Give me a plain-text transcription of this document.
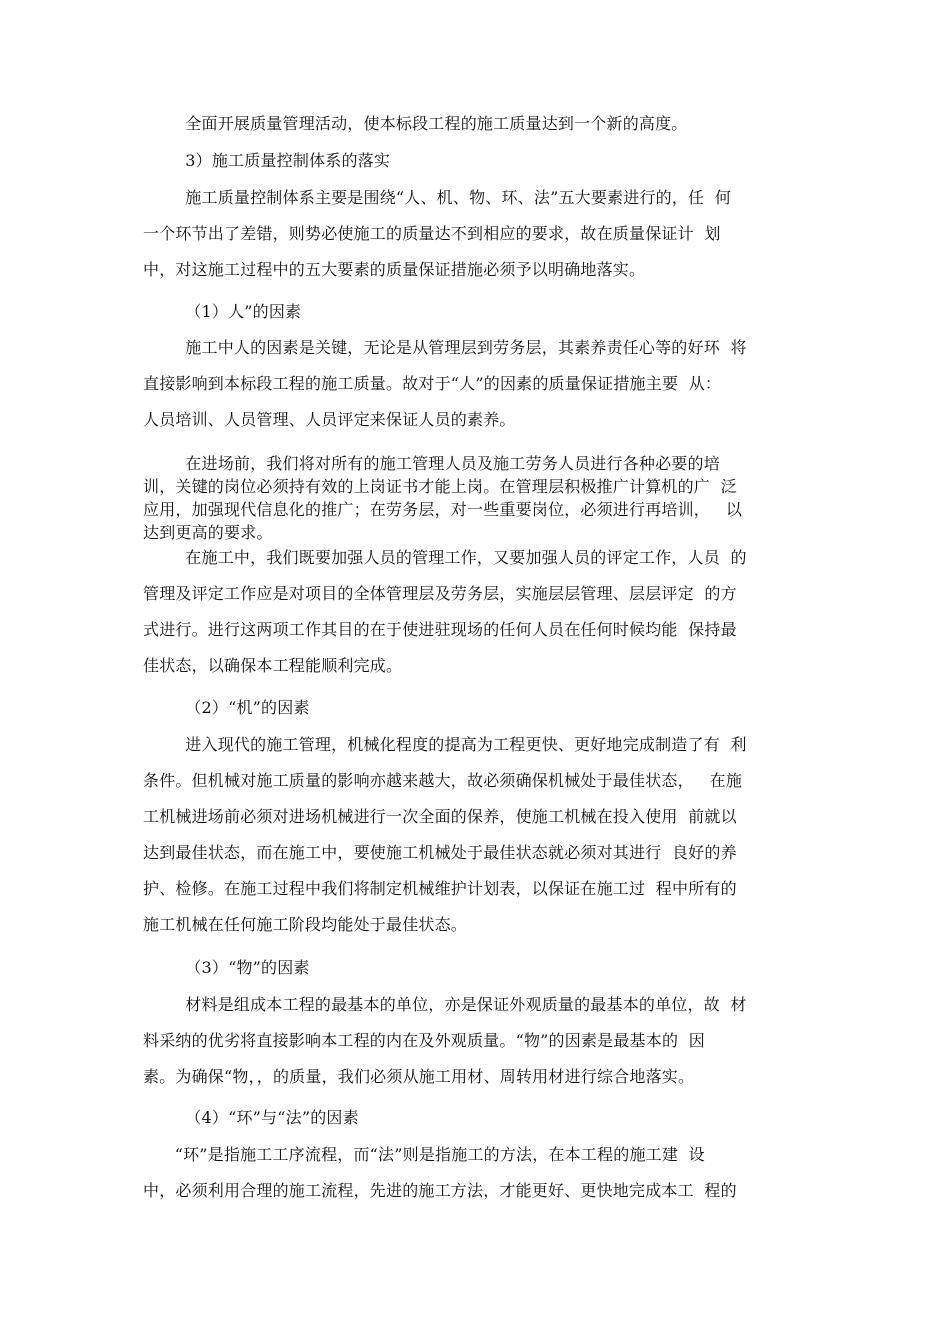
全面开展质量管理活动，使本标段工程的施工质量达到一个新的高度。

3）施工质量控制体系的落实

施工质量控制体系主要是围绕“人、机、物、环、法”五大要素进行的，任  何
一个环节出了差错，则势必使施工的质量达不到相应的要求，故在质量保证计  划
中，对这施工过程中的五大要素的质量保证措施必须予以明确地落实。

（1）人”的因素

施工中人的因素是关键，无论是从管理层到劳务层，其素养责任心等的好环  将
直接影响到本标段工程的施工质量。故对于“人”的因素的质量保证措施主要  从：
人员培训、人员管理、人员评定来保证人员的素养。

在进场前，我们将对所有的施工管理人员及施工劳务人员进行各种必要的培
训，关键的岗位必须持有效的上岗证书才能上岗。在管理层积极推广计算机的广  泛
应用，加强现代信息化的推广；在劳务层，对一些重要岗位，必须进行再培训，   以
达到更高的要求。

在施工中，我们既要加强人员的管理工作，又要加强人员的评定工作，人员  的
管理及评定工作应是对项目的全体管理层及劳务层，实施层层管理、层层评定  的方
式进行。进行这两项工作其目的在于使进驻现场的任何人员在任何时候均能  保持最
佳状态，以确保本工程能顺利完成。

（2）“机”的因素

进入现代的施工管理，机械化程度的提高为工程更快、更好地完成制造了有  利
条件。但机械对施工质量的影响亦越来越大，故必须确保机械处于最佳状态，   在施
工机械进场前必须对进场机械进行一次全面的保养，使施工机械在投入使用  前就以
达到最佳状态，而在施工中，要使施工机械处于最佳状态就必须对其进行  良好的养
护、检修。在施工过程中我们将制定机械维护计划表，以保证在施工过  程中所有的
施工机械在任何施工阶段均能处于最佳状态。

（3）“物”的因素

材料是组成本工程的最基本的单位，亦是保证外观质量的最基本的单位，故  材
料采纳的优劣将直接影响本工程的内在及外观质量。“物”的因素是最基本的  因
素。为确保“物，，的质量，我们必须从施工用材、周转用材进行综合地落实。

（4）“环”与“法”的因素

“环”是指施工工序流程，而“法”则是指施工的方法，在本工程的施工建  设
中，必须利用合理的施工流程，先进的施工方法，才能更好、更快地完成本工  程的
